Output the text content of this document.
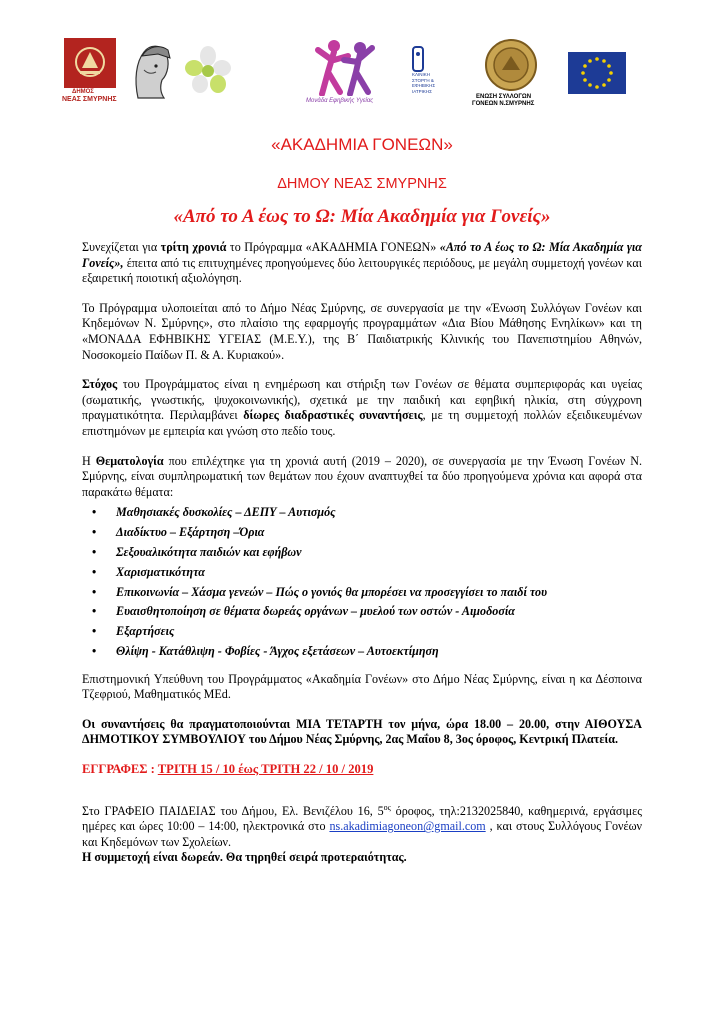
ΔΗΜΟΣ
ΝΕΑΣ ΣΜΥΡΝΗΣ	Μονάδα Εφηβικής Υγείας
ΚΛΙΝΙΚΗ
ΣΤΟΡΓΗ &
ΕΦΗΒΙΚΗΣ
ΙΑΤΡΙΚΗΣ
ΕΝΩΣΗ ΣΥΛΛΟΓΩΝ
ΓΟΝΕΩΝ Ν.ΣΜΥΡΝΗΣ
«ΑΚΑΔΗΜΙΑ ΓΟΝΕΩΝ»
ΔΗΜΟΥ ΝΕΑΣ ΣΜΥΡΝΗΣ
«Από το Α έως το Ω: Μία Ακαδημία για Γονείς»

Συνεχίζεται για τρίτη χρονιά το Πρόγραμμα «ΑΚΑΔΗΜΙΑ ΓΟΝΕΩΝ» «Από το Α έως το Ω: Μία Ακαδημία για Γονείς», έπειτα από τις επιτυχημένες προηγούμενες δύο λειτουργικές περιόδους, με μεγάλη συμμετοχή γονέων και εξαιρετική ποιοτική αξιολόγηση.

Το Πρόγραμμα υλοποιείται από το Δήμο Νέας Σμύρνης, σε συνεργασία με την «Ένωση Συλλόγων Γονέων και Κηδεμόνων Ν. Σμύρνης», στο πλαίσιο της εφαρμογής προγραμμάτων «Δια Βίου Μάθησης Ενηλίκων» και τη «ΜΟΝΑΔΑ ΕΦΗΒΙΚΗΣ ΥΓΕΙΑΣ (Μ.Ε.Υ.), της Β΄ Παιδιατρικής Κλινικής του Πανεπιστημίου Αθηνών, Νοσοκομείο Παίδων Π. & Α. Κυριακού».

Στόχος του Προγράμματος είναι η ενημέρωση και στήριξη των Γονέων σε θέματα συμπεριφοράς και υγείας (σωματικής, γνωστικής, ψυχοκοινωνικής), σχετικά με την παιδική και εφηβική ηλικία, στη σύγχρονη πραγματικότητα. Περιλαμβάνει δίωρες διαδραστικές συναντήσεις, με τη συμμετοχή πολλών εξειδικευμένων επιστημόνων με εμπειρία και γνώση στο πεδίο τους.

Η Θεματολογία που επιλέχτηκε για τη χρονιά αυτή (2019 – 2020), σε συνεργασία με την Ένωση Γονέων Ν. Σμύρνης, είναι συμπληρωματική των θεμάτων που έχουν αναπτυχθεί τα δύο προηγούμενα χρόνια και αφορά στα παρακάτω θέματα:

• Μαθησιακές δυσκολίες – ΔΕΠΥ – Αυτισμός
• Διαδίκτυο – Εξάρτηση –Όρια
• Σεξουαλικότητα παιδιών και εφήβων
• Χαρισματικότητα
• Επικοινωνία – Χάσμα γενεών – Πώς ο γονιός θα μπορέσει να προσεγγίσει το παιδί του
• Ευαισθητοποίηση σε θέματα δωρεάς οργάνων – μυελού των οστών - Αιμοδοσία
• Εξαρτήσεις
• Θλίψη - Κατάθλιψη - Φοβίες - Άγχος εξετάσεων – Αυτοεκτίμηση

Επιστημονική Υπεύθυνη του Προγράμματος «Ακαδημία Γονέων» στο Δήμο Νέας Σμύρνης, είναι η κα Δέσποινα Τζεφριού, Μαθηματικός MEd.

Οι συναντήσεις θα πραγματοποιούνται ΜΙΑ ΤΕΤΑΡΤΗ τον μήνα, ώρα 18.00 – 20.00, στην ΑΙΘΟΥΣΑ ΔΗΜΟΤΙΚΟΥ ΣΥΜΒΟΥΛΙΟΥ του Δήμου Νέας Σμύρνης, 2ας Μαΐου 8, 3ος όροφος, Κεντρική Πλατεία.

ΕΓΓΡΑΦΕΣ : ΤΡΙΤΗ 15 / 10 έως ΤΡΙΤΗ 22 / 10 / 2019

Στο ΓΡΑΦΕΙΟ ΠΑΙΔΕΙΑΣ του Δήμου, Ελ. Βενιζέλου 16, $5^{o\varsigma}$ όροφος, τηλ:2132025840, καθημερινά, εργάσιμες ημέρες και ώρες 10:00 – 14:00, ηλεκτρονικά στο ns.akadimiagoneon@gmail.com , και στους Συλλόγους Γονέων και Κηδεμόνων των Σχολείων.

Η συμμετοχή είναι δωρεάν. Θα τηρηθεί σειρά προτεραιότητας.
